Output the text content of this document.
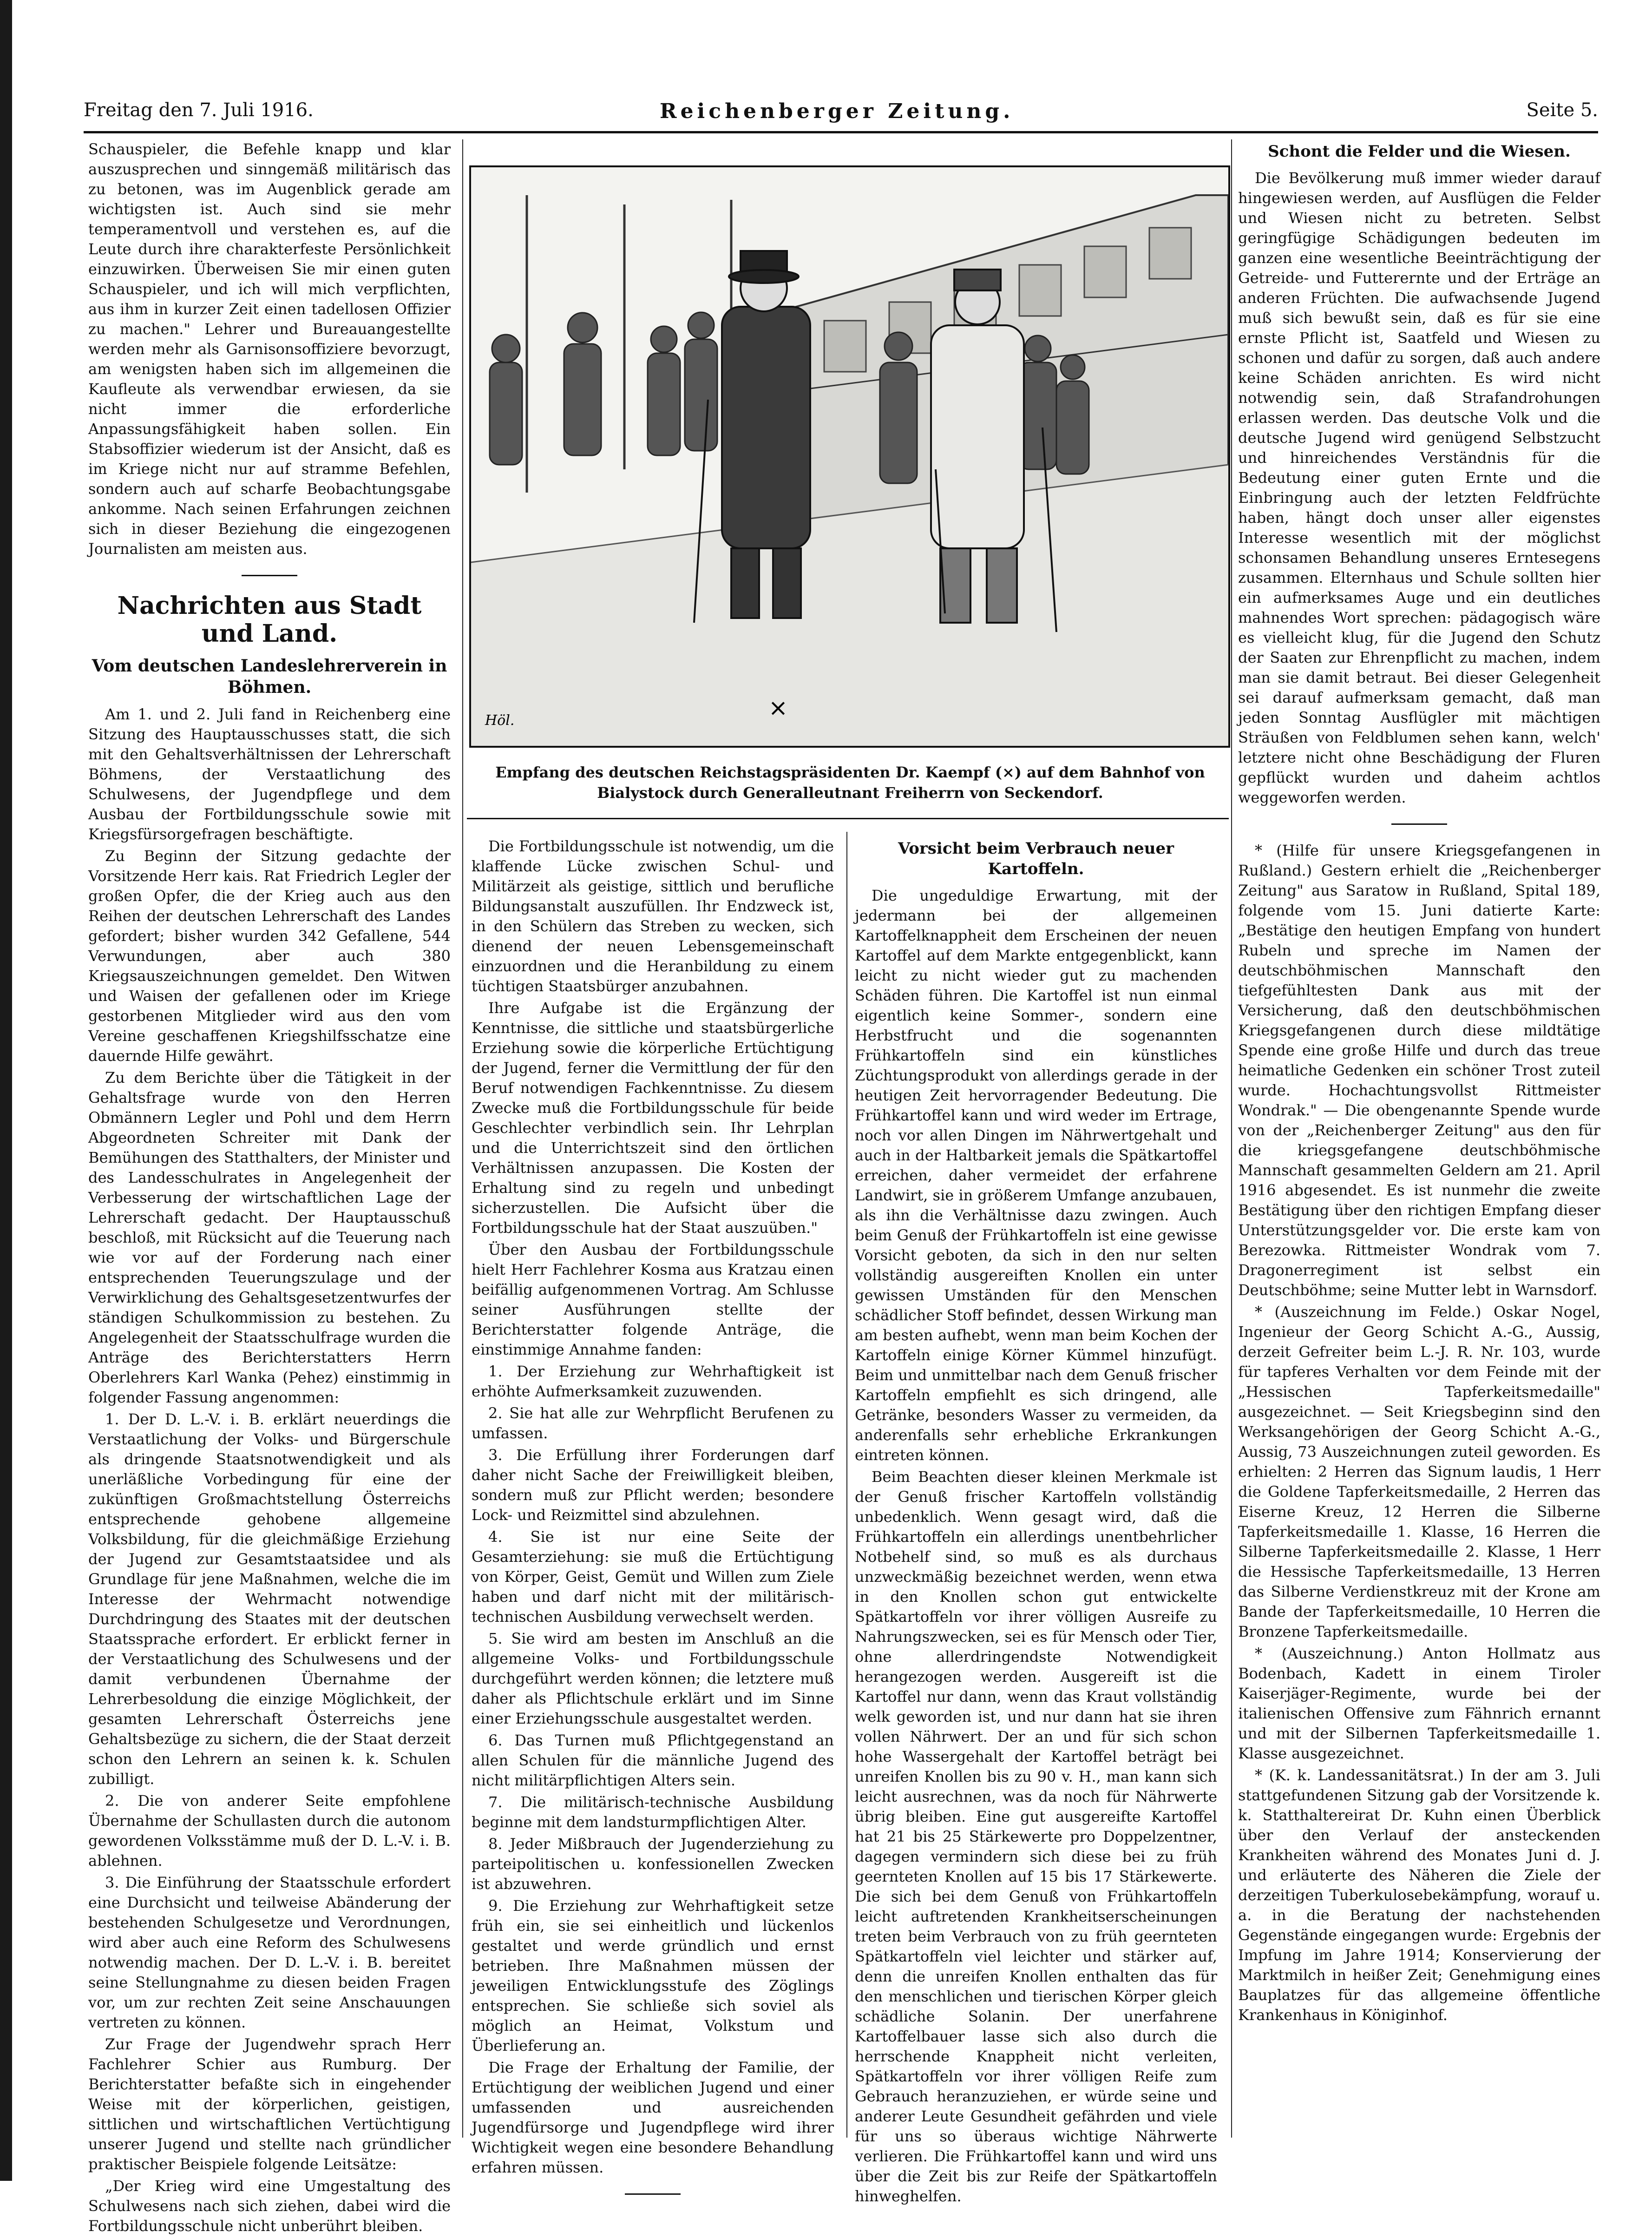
Freitag den 7. Juli 1916.	Reichenberger Zeitung.	Seite 5.

Schauspieler, die Befehle knapp und klar auszusprechen und sinngemäß militärisch das zu betonen, was im Augenblick gerade am wichtigsten ist. Auch sind sie mehr temperamentvoll und verstehen es, auf die Leute durch ihre charakterfeste Persönlichkeit einzuwirken. Überweisen Sie mir einen guten Schauspieler, und ich will mich verpflichten, aus ihm in kurzer Zeit einen tadellosen Offizier zu machen." Lehrer und Bureauangestellte werden mehr als Garnisonsoffiziere bevorzugt, am wenigsten haben sich im allgemeinen die Kaufleute als verwendbar erwiesen, da sie nicht immer die erforderliche Anpassungsfähigkeit haben sollen. Ein Stabsoffizier wiederum ist der Ansicht, daß es im Kriege nicht nur auf stramme Befehlen, sondern auch auf scharfe Beobachtungsgabe ankomme. Nach seinen Erfahrungen zeichnen sich in dieser Beziehung die eingezogenen Journalisten am meisten aus.

Nachrichten aus Stadt und Land.
Vom deutschen Landeslehrerverein in Böhmen.

Am 1. und 2. Juli fand in Reichenberg eine Sitzung des Hauptausschusses statt, die sich mit den Gehaltsverhältnissen der Lehrerschaft Böhmens, der Verstaatlichung des Schulwesens, der Jugendpflege und dem Ausbau der Fortbildungsschule sowie mit Kriegsfürsorgefragen beschäftigte.

Zu Beginn der Sitzung gedachte der Vorsitzende Herr kais. Rat Friedrich Legler der großen Opfer, die der Krieg auch aus den Reihen der deutschen Lehrerschaft des Landes gefordert; bisher wurden 342 Gefallene, 544 Verwundungen, aber auch 380 Kriegsauszeichnungen gemeldet. Den Witwen und Waisen der gefallenen oder im Kriege gestorbenen Mitglieder wird aus den vom Vereine geschaffenen Kriegshilfsschatze eine dauernde Hilfe gewährt.

Zu dem Berichte über die Tätigkeit in der Gehaltsfrage wurde von den Herren Obmännern Legler und Pohl und dem Herrn Abgeordneten Schreiter mit Dank der Bemühungen des Statthalters, der Minister und des Landesschulrates in Angelegenheit der Verbesserung der wirtschaftlichen Lage der Lehrerschaft gedacht. Der Hauptausschuß beschloß, mit Rücksicht auf die Teuerung nach wie vor auf der Forderung nach einer entsprechenden Teuerungszulage und der Verwirklichung des Gehaltsgesetzentwurfes der ständigen Schulkommission zu bestehen. Zu Angelegenheit der Staatsschulfrage wurden die Anträge des Berichterstatters Herrn Oberlehrers Karl Wanka (Pehez) einstimmig in folgender Fassung angenommen:

1. Der D. L.-V. i. B. erklärt neuerdings die Verstaatlichung der Volks- und Bürgerschule als dringende Staatsnotwendigkeit und als unerläßliche Vorbedingung für eine der zukünftigen Großmachtstellung Österreichs entsprechende gehobene allgemeine Volksbildung, für die gleichmäßige Erziehung der Jugend zur Gesamtstaatsidee und als Grundlage für jene Maßnahmen, welche die im Interesse der Wehrmacht notwendige Durchdringung des Staates mit der deutschen Staatssprache erfordert. Er erblickt ferner in der Verstaatlichung des Schulwesens und der damit verbundenen Übernahme der Lehrerbesoldung die einzige Möglichkeit, der gesamten Lehrerschaft Österreichs jene Gehaltsbezüge zu sichern, die der Staat derzeit schon den Lehrern an seinen k. k. Schulen zubilligt.

2. Die von anderer Seite empfohlene Übernahme der Schullasten durch die autonom gewordenen Volksstämme muß der D. L.-V. i. B. ablehnen.

3. Die Einführung der Staatsschule erfordert eine Durchsicht und teilweise Abänderung der bestehenden Schulgesetze und Verordnungen, wird aber auch eine Reform des Schulwesens notwendig machen. Der D. L.-V. i. B. bereitet seine Stellungnahme zu diesen beiden Fragen vor, um zur rechten Zeit seine Anschauungen vertreten zu können.

Zur Frage der Jugendwehr sprach Herr Fachlehrer Schier aus Rumburg. Der Berichterstatter befaßte sich in eingehender Weise mit der körperlichen, geistigen, sittlichen und wirtschaftlichen Vertüchtigung unserer Jugend und stellte nach gründlicher praktischer Beispiele folgende Leitsätze:

„Der Krieg wird eine Umgestaltung des Schulwesens nach sich ziehen, dabei wird die Fortbildungsschule nicht unberührt bleiben.

×
Höl.
Empfang des deutschen Reichstagspräsidenten Dr. Kaempf (×) auf dem Bahnhof von Bialystock durch Generalleutnant Freiherrn von Seckendorf.

Die Fortbildungsschule ist notwendig, um die klaffende Lücke zwischen Schul- und Militärzeit als geistige, sittlich und berufliche Bildungsanstalt auszufüllen. Ihr Endzweck ist, in den Schülern das Streben zu wecken, sich dienend der neuen Lebensgemeinschaft einzuordnen und die Heranbildung zu einem tüchtigen Staatsbürger anzubahnen.

Ihre Aufgabe ist die Ergänzung der Kenntnisse, die sittliche und staatsbürgerliche Erziehung sowie die körperliche Ertüchtigung der Jugend, ferner die Vermittlung der für den Beruf notwendigen Fachkenntnisse. Zu diesem Zwecke muß die Fortbildungsschule für beide Geschlechter verbindlich sein. Ihr Lehrplan und die Unterrichtszeit sind den örtlichen Verhältnissen anzupassen. Die Kosten der Erhaltung sind zu regeln und unbedingt sicherzustellen. Die Aufsicht über die Fortbildungsschule hat der Staat auszuüben."

Über den Ausbau der Fortbildungsschule hielt Herr Fachlehrer Kosma aus Kratzau einen beifällig aufgenommenen Vortrag. Am Schlusse seiner Ausführungen stellte der Berichterstatter folgende Anträge, die einstimmige Annahme fanden:

1. Der Erziehung zur Wehrhaftigkeit ist erhöhte Aufmerksamkeit zuzuwenden.

2. Sie hat alle zur Wehrpflicht Berufenen zu umfassen.

3. Die Erfüllung ihrer Forderungen darf daher nicht Sache der Freiwilligkeit bleiben, sondern muß zur Pflicht werden; besondere Lock- und Reizmittel sind abzulehnen.

4. Sie ist nur eine Seite der Gesamterziehung: sie muß die Ertüchtigung von Körper, Geist, Gemüt und Willen zum Ziele haben und darf nicht mit der militärisch-technischen Ausbildung verwechselt werden.

5. Sie wird am besten im Anschluß an die allgemeine Volks- und Fortbildungsschule durchgeführt werden können; die letztere muß daher als Pflichtschule erklärt und im Sinne einer Erziehungsschule ausgestaltet werden.

6. Das Turnen muß Pflichtgegenstand an allen Schulen für die männliche Jugend des nicht militärpflichtigen Alters sein.

7. Die militärisch-technische Ausbildung beginne mit dem landsturmpflichtigen Alter.

8. Jeder Mißbrauch der Jugenderziehung zu parteipolitischen u. konfessionellen Zwecken ist abzuwehren.

9. Die Erziehung zur Wehrhaftigkeit setze früh ein, sie sei einheitlich und lückenlos gestaltet und werde gründlich und ernst betrieben. Ihre Maßnahmen müssen der jeweiligen Entwicklungsstufe des Zöglings entsprechen. Sie schließe sich soviel als möglich an Heimat, Volkstum und Überlieferung an.

Die Frage der Erhaltung der Familie, der Ertüchtigung der weiblichen Jugend und einer umfassenden und ausreichenden Jugendfürsorge und Jugendpflege wird ihrer Wichtigkeit wegen eine besondere Behandlung erfahren müssen.

Vorsicht beim Verbrauch neuer Kartoffeln.

Die ungeduldige Erwartung, mit der jedermann bei der allgemeinen Kartoffelknappheit dem Erscheinen der neuen Kartoffel auf dem Markte entgegenblickt, kann leicht zu nicht wieder gut zu machenden Schäden führen. Die Kartoffel ist nun einmal eigentlich keine Sommer-, sondern eine Herbstfrucht und die sogenannten Frühkartoffeln sind ein künstliches Züchtungsprodukt von allerdings gerade in der heutigen Zeit hervorragender Bedeutung. Die Frühkartoffel kann und wird weder im Ertrage, noch vor allen Dingen im Nährwertgehalt und auch in der Haltbarkeit jemals die Spätkartoffel erreichen, daher vermeidet der erfahrene Landwirt, sie in größerem Umfange anzubauen, als ihn die Verhältnisse dazu zwingen. Auch beim Genuß der Frühkartoffeln ist eine gewisse Vorsicht geboten, da sich in den nur selten vollständig ausgereiften Knollen ein unter gewissen Umständen für den Menschen schädlicher Stoff befindet, dessen Wirkung man am besten aufhebt, wenn man beim Kochen der Kartoffeln einige Körner Kümmel hinzufügt. Beim und unmittelbar nach dem Genuß frischer Kartoffeln empfiehlt es sich dringend, alle Getränke, besonders Wasser zu vermeiden, da anderenfalls sehr erhebliche Erkrankungen eintreten können.

Beim Beachten dieser kleinen Merkmale ist der Genuß frischer Kartoffeln vollständig unbedenklich. Wenn gesagt wird, daß die Frühkartoffeln ein allerdings unentbehrlicher Notbehelf sind, so muß es als durchaus unzweckmäßig bezeichnet werden, wenn etwa in den Knollen schon gut entwickelte Spätkartoffeln vor ihrer völligen Ausreife zu Nahrungszwecken, sei es für Mensch oder Tier, ohne allerdringendste Notwendigkeit herangezogen werden. Ausgereift ist die Kartoffel nur dann, wenn das Kraut vollständig welk geworden ist, und nur dann hat sie ihren vollen Nährwert. Der an und für sich schon hohe Wassergehalt der Kartoffel beträgt bei unreifen Knollen bis zu 90 v. H., man kann sich leicht ausrechnen, was da noch für Nährwerte übrig bleiben. Eine gut ausgereifte Kartoffel hat 21 bis 25 Stärkewerte pro Doppelzentner, dagegen vermindern sich diese bei zu früh geernteten Knollen auf 15 bis 17 Stärkewerte. Die sich bei dem Genuß von Frühkartoffeln leicht auftretenden Krankheitserscheinungen treten beim Verbrauch von zu früh geernteten Spätkartoffeln viel leichter und stärker auf, denn die unreifen Knollen enthalten das für den menschlichen und tierischen Körper gleich schädliche Solanin. Der unerfahrene Kartoffelbauer lasse sich also durch die herrschende Knappheit nicht verleiten, Spätkartoffeln vor ihrer völligen Reife zum Gebrauch heranzuziehen, er würde seine und anderer Leute Gesundheit gefährden und viele für uns so überaus wichtige Nährwerte verlieren. Die Frühkartoffel kann und wird uns über die Zeit bis zur Reife der Spätkartoffeln hinweghelfen.

Schont die Felder und die Wiesen.

Die Bevölkerung muß immer wieder darauf hingewiesen werden, auf Ausflügen die Felder und Wiesen nicht zu betreten. Selbst geringfügige Schädigungen bedeuten im ganzen eine wesentliche Beeinträchtigung der Getreide- und Futterernte und der Erträge an anderen Früchten. Die aufwachsende Jugend muß sich bewußt sein, daß es für sie eine ernste Pflicht ist, Saatfeld und Wiesen zu schonen und dafür zu sorgen, daß auch andere keine Schäden anrichten. Es wird nicht notwendig sein, daß Strafandrohungen erlassen werden. Das deutsche Volk und die deutsche Jugend wird genügend Selbstzucht und hinreichendes Verständnis für die Bedeutung einer guten Ernte und die Einbringung auch der letzten Feldfrüchte haben, hängt doch unser aller eigenstes Interesse wesentlich mit der möglichst schonsamen Behandlung unseres Erntesegens zusammen. Elternhaus und Schule sollten hier ein aufmerksames Auge und ein deutliches mahnendes Wort sprechen: pädagogisch wäre es vielleicht klug, für die Jugend den Schutz der Saaten zur Ehrenpflicht zu machen, indem man sie damit betraut. Bei dieser Gelegenheit sei darauf aufmerksam gemacht, daß man jeden Sonntag Ausflügler mit mächtigen Sträußen von Feldblumen sehen kann, welch' letztere nicht ohne Beschädigung der Fluren gepflückt wurden und daheim achtlos weggeworfen werden.

* (Hilfe für unsere Kriegsgefangenen in Rußland.) Gestern erhielt die „Reichenberger Zeitung" aus Saratow in Rußland, Spital 189, folgende vom 15. Juni datierte Karte: „Bestätige den heutigen Empfang von hundert Rubeln und spreche im Namen der deutschböhmischen Mannschaft den tiefgefühltesten Dank aus mit der Versicherung, daß den deutschböhmischen Kriegsgefangenen durch diese mildtätige Spende eine große Hilfe und durch das treue heimatliche Gedenken ein schöner Trost zuteil wurde. Hochachtungsvollst Rittmeister Wondrak." — Die obengenannte Spende wurde von der „Reichenberger Zeitung" aus den für die kriegsgefangene deutschböhmische Mannschaft gesammelten Geldern am 21. April 1916 abgesendet. Es ist nunmehr die zweite Bestätigung über den richtigen Empfang dieser Unterstützungsgelder vor. Die erste kam von Berezowka. Rittmeister Wondrak vom 7. Dragonerregiment ist selbst ein Deutschböhme; seine Mutter lebt in Warnsdorf.

* (Auszeichnung im Felde.) Oskar Nogel, Ingenieur der Georg Schicht A.-G., Aussig, derzeit Gefreiter beim L.-J. R. Nr. 103, wurde für tapferes Verhalten vor dem Feinde mit der „Hessischen Tapferkeitsmedaille" ausgezeichnet. — Seit Kriegsbeginn sind den Werksangehörigen der Georg Schicht A.-G., Aussig, 73 Auszeichnungen zuteil geworden. Es erhielten: 2 Herren das Signum laudis, 1 Herr die Goldene Tapferkeitsmedaille, 2 Herren das Eiserne Kreuz, 12 Herren die Silberne Tapferkeitsmedaille 1. Klasse, 16 Herren die Silberne Tapferkeitsmedaille 2. Klasse, 1 Herr die Hessische Tapferkeitsmedaille, 13 Herren das Silberne Verdienstkreuz mit der Krone am Bande der Tapferkeitsmedaille, 10 Herren die Bronzene Tapferkeitsmedaille.

* (Auszeichnung.) Anton Hollmatz aus Bodenbach, Kadett in einem Tiroler Kaiserjäger-Regimente, wurde bei der italienischen Offensive zum Fähnrich ernannt und mit der Silbernen Tapferkeitsmedaille 1. Klasse ausgezeichnet.

* (K. k. Landessanitätsrat.) In der am 3. Juli stattgefundenen Sitzung gab der Vorsitzende k. k. Statthaltereirat Dr. Kuhn einen Überblick über den Verlauf der ansteckenden Krankheiten während des Monates Juni d. J. und erläuterte des Näheren die Ziele der derzeitigen Tuberkulosebekämpfung, worauf u. a. in die Beratung der nachstehenden Gegenstände eingegangen wurde: Ergebnis der Impfung im Jahre 1914; Konservierung der Marktmilch in heißer Zeit; Genehmigung eines Bauplatzes für das allgemeine öffentliche Krankenhaus in Königinhof.
